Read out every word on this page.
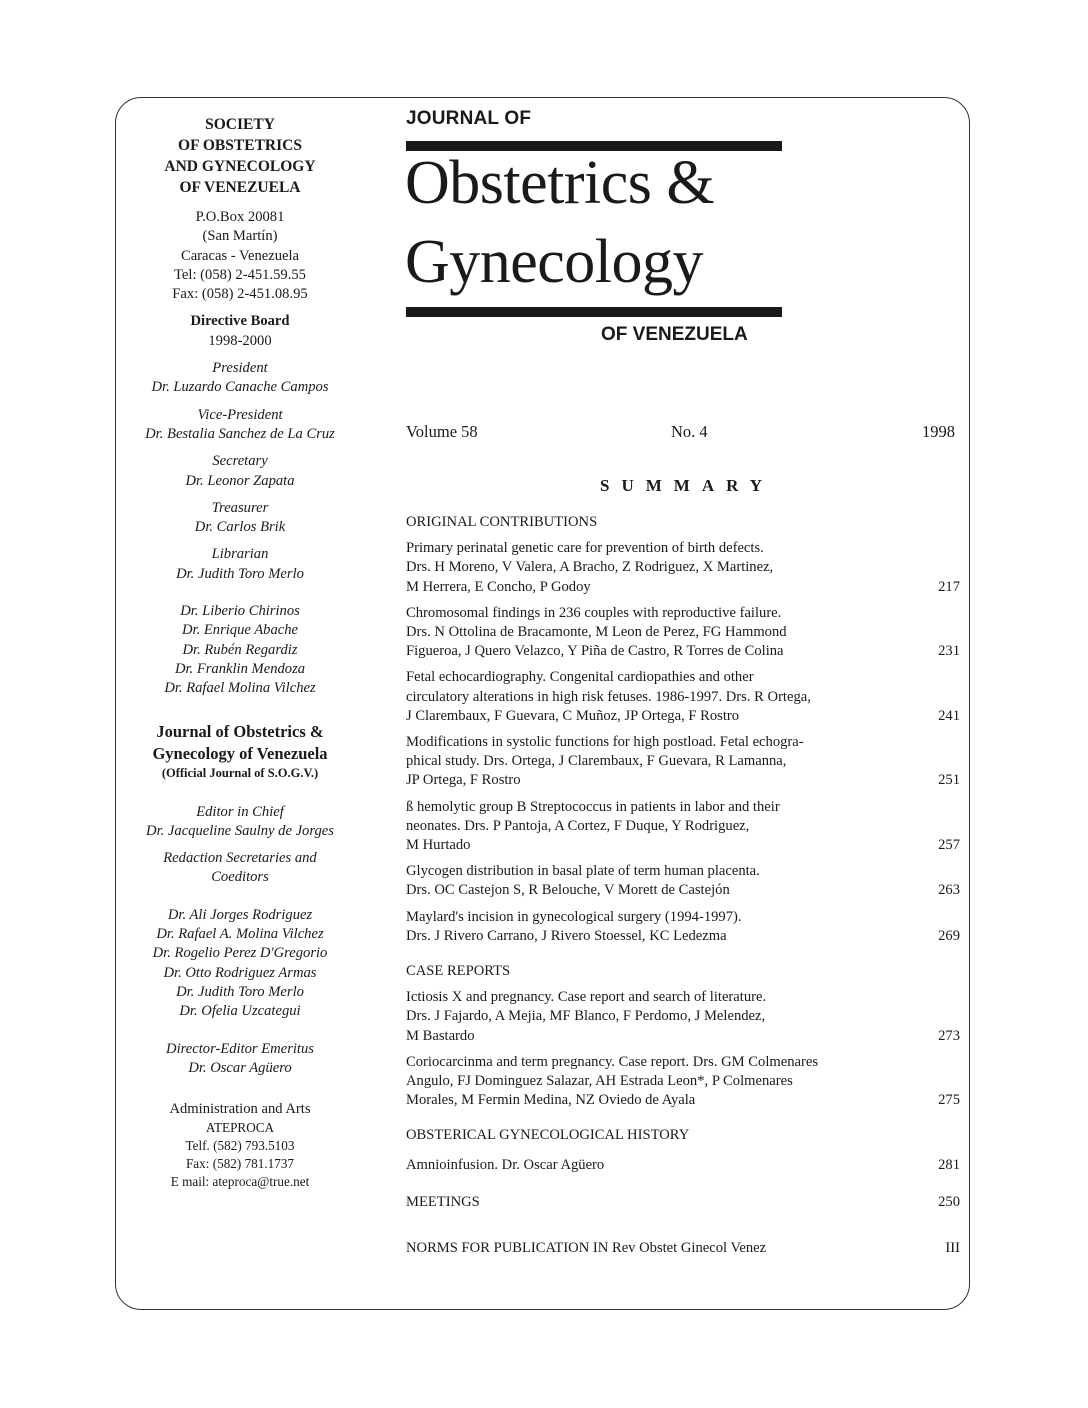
SOCIETY
OF OBSTETRICS
AND GYNECOLOGY
OF VENEZUELA
P.O.Box 20081
(San Martín)
Caracas - Venezuela
Tel: (058) 2-451.59.55
Fax: (058) 2-451.08.95
Directive Board
1998-2000
President
Dr. Luzardo Canache Campos
Vice-President
Dr. Bestalia Sanchez de La Cruz
Secretary
Dr. Leonor Zapata
Treasurer
Dr. Carlos Brik
Librarian
Dr. Judith Toro Merlo
Dr. Liberio Chirinos
Dr. Enrique Abache
Dr. Rubén Regardiz
Dr. Franklin Mendoza
Dr. Rafael Molina Vilchez
Journal of Obstetrics &
Gynecology of Venezuela
(Official Journal of S.O.G.V.)
Editor in Chief
Dr. Jacqueline Saulny de Jorges
Redaction Secretaries and
Coeditors
Dr. Ali Jorges Rodriguez
Dr. Rafael A. Molina Vilchez
Dr. Rogelio Perez D'Gregorio
Dr. Otto Rodriguez Armas
Dr. Judith Toro Merlo
Dr. Ofelia Uzcategui
Director-Editor Emeritus
Dr. Oscar Agüero
Administration and Arts
ATEPROCA
Telf. (582) 793.5103
Fax: (582) 781.1737
E mail: ateproca@true.net
JOURNAL OF
Obstetrics &
Gynecology
OF VENEZUELA
Volume 58	No. 4	1998
SUMMARY
ORIGINAL CONTRIBUTIONS
Primary perinatal genetic care for prevention of birth defects.
Drs. H Moreno, V Valera, A Bracho, Z Rodriguez, X Martinez,
M Herrera, E Concho, P Godoy	217
Chromosomal findings in 236 couples with reproductive failure.
Drs. N Ottolina de Bracamonte, M Leon de Perez, FG Hammond
Figueroa, J Quero Velazco, Y Piña de Castro, R Torres de Colina	231
Fetal echocardiography. Congenital cardiopathies and other
circulatory alterations in high risk fetuses. 1986-1997. Drs. R Ortega,
J Clarembaux, F Guevara, C Muñoz, JP Ortega, F Rostro	241
Modifications in systolic functions for high postload. Fetal echogra-
phical study. Drs. Ortega, J Clarembaux, F Guevara, R Lamanna,
JP Ortega, F Rostro	251
ß hemolytic group B Streptococcus in patients in labor and their
neonates. Drs. P Pantoja, A Cortez, F Duque, Y Rodriguez,
M Hurtado	257
Glycogen distribution in basal plate of term human placenta.
Drs. OC Castejon S, R Belouche, V Morett de Castejón	263
Maylard's incision in gynecological surgery (1994-1997).
Drs. J Rivero Carrano, J Rivero Stoessel, KC Ledezma	269
CASE REPORTS
Ictiosis X and pregnancy. Case report and search of literature.
Drs. J Fajardo, A Mejia, MF Blanco, F Perdomo, J Melendez,
M Bastardo	273
Coriocarcinma and term pregnancy. Case report. Drs. GM Colmenares
Angulo, FJ Dominguez Salazar, AH Estrada Leon*, P Colmenares
Morales, M Fermin Medina, NZ Oviedo de Ayala	275
OBSTERICAL GYNECOLOGICAL HISTORY
Amnioinfusion. Dr. Oscar Agüero	281
MEETINGS	250
NORMS FOR PUBLICATION IN Rev Obstet Ginecol Venez	III
